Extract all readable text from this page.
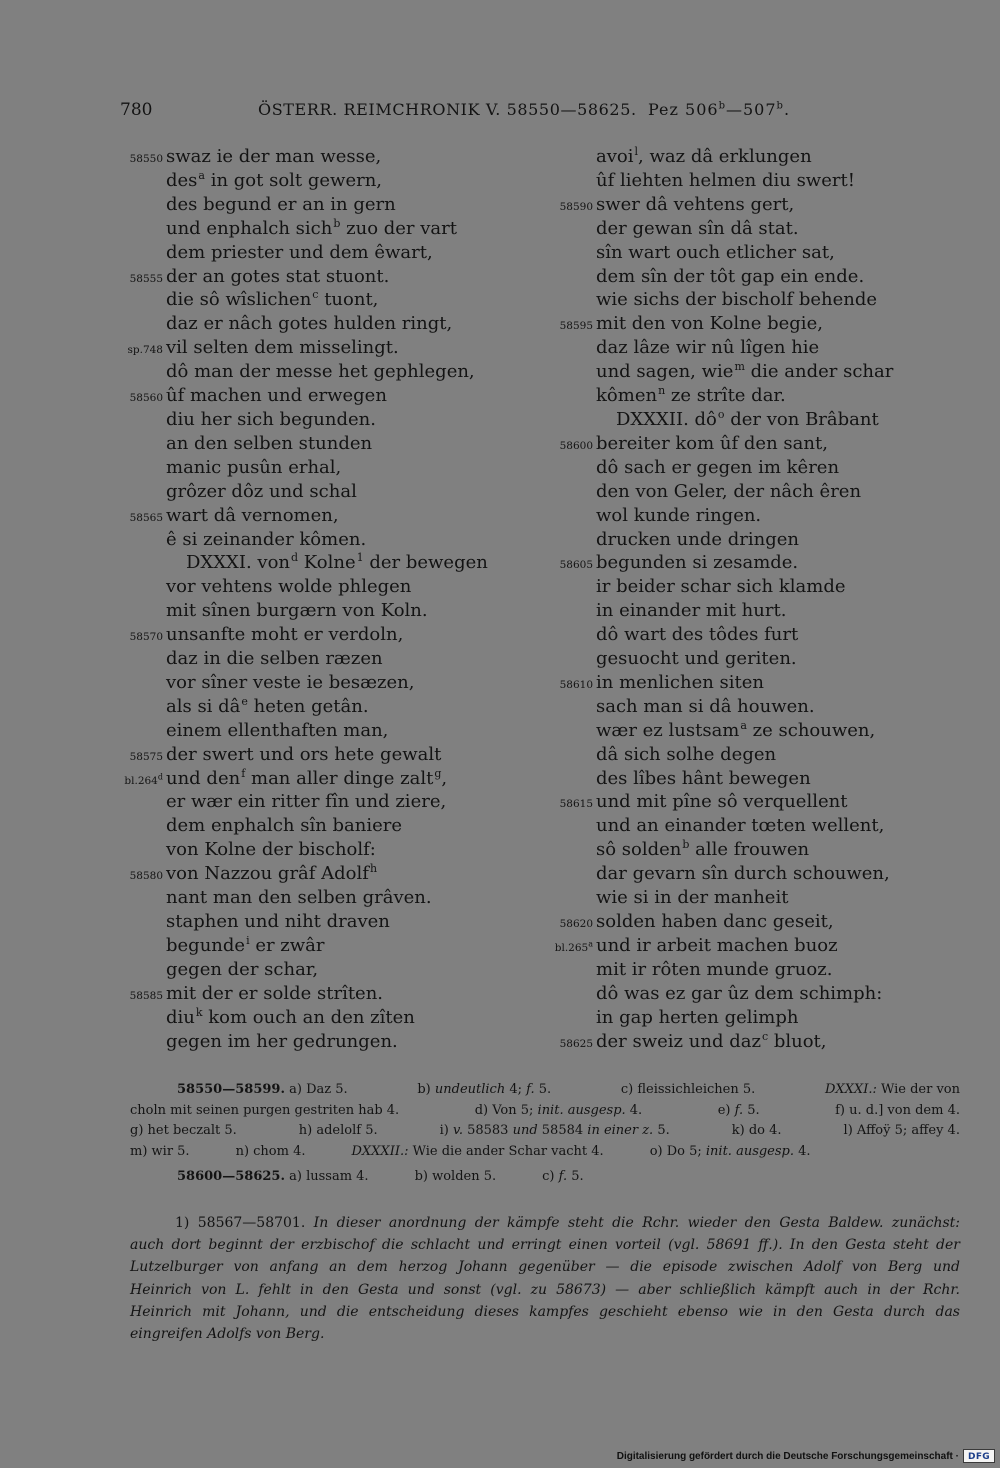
780	ÖSTERR. REIMCHRONIK V. 58550—58625. Pez 506$^b$—507$^b$.
58550 swaz ie der man wesse,
des$^a$ in got solt gewern,
des begund er an in gern
und enphalch sich$^b$ zuo der vart
dem priester und dem êwart,
58555 der an gotes stat stuont.
die sô wîslichen$^c$ tuont,
daz er nâch gotes hulden ringt,
sp.748 vil selten dem misselingt.
dô man der messe het gephlegen,
58560 ûf machen und erwegen
diu her sich begunden.
an den selben stunden
manic pusûn erhal,
grôzer dôz und schal
58565 wart dâ vernomen,
ê si zeinander kômen.
DXXXI. von$^d$ Kolne$^1$ der bewegen
vor vehtens wolde phlegen
mit sînen burgærn von Koln.
58570 unsanfte moht er verdoln,
daz in die selben ræzen
vor sîner veste ie besæzen,
als si $dâ^e$ heten getân.
einem ellenthaften man,
58575 der swert und ors hete gewalt
bl.264$^d$ und den$^f$ man aller dinge zalt$^g$,
er wær ein ritter fîn und ziere,
dem enphalch sîn baniere
von Kolne der bischolf:
58580 von Nazzou grâf Adolf$^h$
nant man den selben grâven.
staphen und niht draven
begunde$^i$ er zwâr
gegen der schar,
58585 mit der er solde strîten.
diu$^k$ kom ouch an den zîten
gegen im her gedrungen.
avoi$^l$, waz dâ erklungen
ûf liehten helmen diu swert!
58590 swer dâ vehtens gert,
der gewan sîn dâ stat.
sîn wart ouch etlicher sat,
dem sîn der tôt gap ein ende.
wie sichs der bischolf behende
58595 mit den von Kolne begie,
daz lâze wir nû lîgen hie
und sagen, wie$^m$ die ander schar
kômen$^n$ ze strîte dar.
DXXXII. $dô^o$ der von Brâbant
58600 bereiter kom ûf den sant,
dô sach er gegen im kêren
den von Geler, der nâch êren
wol kunde ringen.
drucken unde dringen
58605 begunden si zesamde.
ir beider schar sich klamde
in einander mit hurt.
dô wart des tôdes furt
gesuocht und geriten.
58610 in menlichen siten
sach man si dâ houwen.
wær ez lustsam$^a$ ze schouwen,
dâ sich solhe degen
des lîbes hânt bewegen
58615 und mit pîne sô verquellent
und an einander tœten wellent,
sô solden$^b$ alle frouwen
dar gevarn sîn durch schouwen,
wie si in der manheit
58620 solden haben danc geseit,
bl.265$^a$ und ir arbeit machen buoz
mit ir rôten munde gruoz.
dô was ez gar ûz dem schimph:
in gap herten gelimph
58625 der sweiz und daz$^c$ bluot,
58550—58599. a) Daz 5.	b) undeutlich 4; f. 5.	c) fleissichleichen 5.	DXXXI.: Wie der von
choln mit seinen purgen gestriten hab 4.	d) Von 5; init. ausgesp. 4.	e) f. 5.	f) u. d.] von dem 4.
g) het beczalt 5.	h) adelolf 5.	i) v. 58583 und 58584 in einer z. 5.	k) do 4.	l) Affoÿ 5; affey 4.
m) wir 5.	n) chom 4.	DXXXII.: Wie die ander Schar vacht 4.	o) Do 5; init. ausgesp. 4.
58600—58625. a) lussam 4.	b) wolden 5.	c) f. 5.
1) 58567—58701. In dieser anordnung der kämpfe steht die Rchr. wieder den Gesta Baldew. zunächst:
auch dort beginnt der erzbischof die schlacht und erringt einen vorteil (vgl. 58691 ff.). In den Gesta steht der
Lutzelburger von anfang an dem herzog Johann gegenüber — die episode zwischen Adolf von Berg und
Heinrich von L. fehlt in den Gesta und sonst (vgl. zu 58673) — aber schließlich kämpft auch in der Rchr.
Heinrich mit Johann, und die entscheidung dieses kampfes geschieht ebenso wie in den Gesta durch das
eingreifen Adolfs von Berg.
Digitalisierung gefördert durch die Deutsche Forschungsgemeinschaft ·	DFG
